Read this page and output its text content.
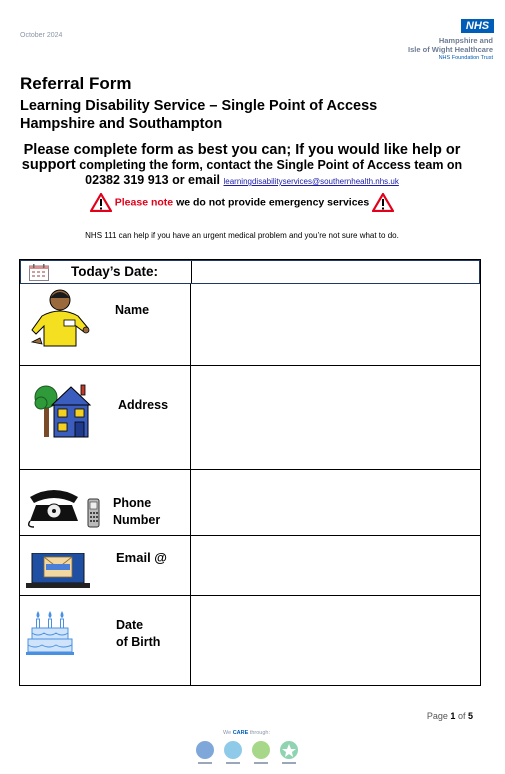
October 2024
NHS
Hampshire and
Isle of Wight Healthcare
NHS Foundation Trust
Referral Form
Learning Disability Service – Single Point of Access
Hampshire and Southampton
Please complete form as best you can; If you would like help or
support completing the form, contact the Single Point of Access team on
02382 319 913 or email learningdisabilityservices@southernhealth.nhs.uk
Please note we do not provide emergency services
NHS 111 can help if you have an urgent medical problem and you’re not sure what to do.
Today’s Date:
Name
Address
Phone
Number
Email @
Date
of Birth
Page 1 of 5
We CARE through:
